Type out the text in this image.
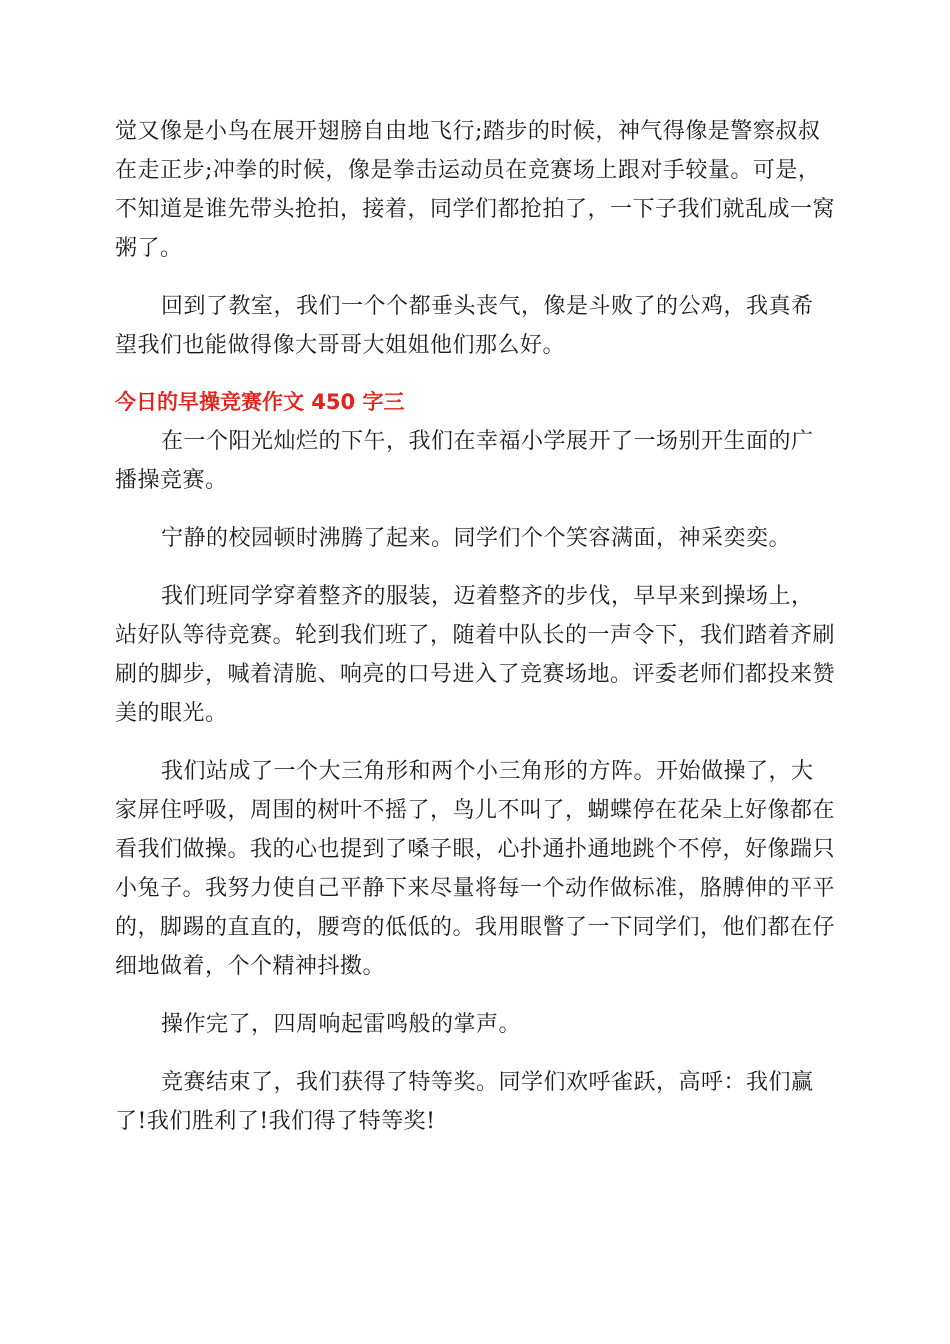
觉又像是小鸟在展开翅膀自由地飞行;踏步的时候，神气得像是警察叔叔在走正步;冲拳的时候，像是拳击运动员在竞赛场上跟对手较量。可是，不知道是谁先带头抢拍，接着，同学们都抢拍了，一下子我们就乱成一窝粥了。

回到了教室，我们一个个都垂头丧气，像是斗败了的公鸡，我真希望我们也能做得像大哥哥大姐姐他们那么好。

今日的早操竞赛作文 450 字三

在一个阳光灿烂的下午，我们在幸福小学展开了一场别开生面的广播操竞赛。

宁静的校园顿时沸腾了起来。同学们个个笑容满面，神采奕奕。

我们班同学穿着整齐的服装，迈着整齐的步伐，早早来到操场上，站好队等待竞赛。轮到我们班了，随着中队长的一声令下，我们踏着齐刷刷的脚步，喊着清脆、响亮的口号进入了竞赛场地。评委老师们都投来赞美的眼光。

我们站成了一个大三角形和两个小三角形的方阵。开始做操了，大家屏住呼吸，周围的树叶不摇了，鸟儿不叫了，蝴蝶停在花朵上好像都在看我们做操。我的心也提到了嗓子眼，心扑通扑通地跳个不停，好像踹只小兔子。我努力使自己平静下来尽量将每一个动作做标准，胳膊伸的平平的，脚踢的直直的，腰弯的低低的。我用眼瞥了一下同学们，他们都在仔细地做着，个个精神抖擞。

操作完了，四周响起雷鸣般的掌声。

竞赛结束了，我们获得了特等奖。同学们欢呼雀跃，高呼：我们赢了!我们胜利了!我们得了特等奖!
